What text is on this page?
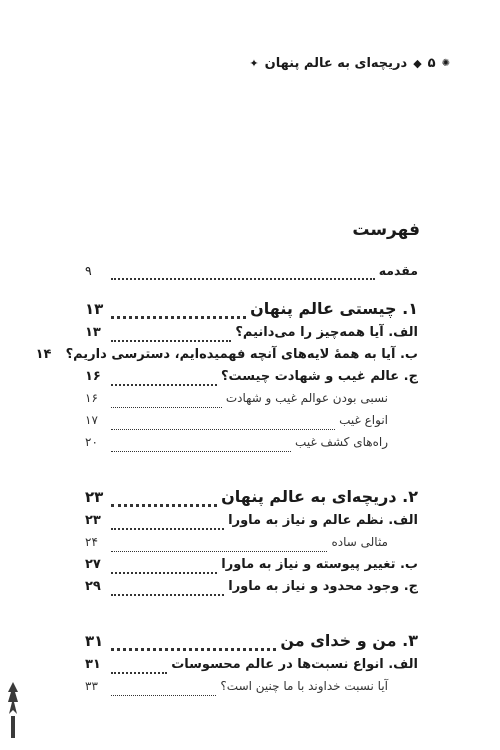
✦ دریچه‌ای به عالم پنهان ◆ ۵ ✺
فهرست
مقدمه
۹
۱. چیستی عالم پنهان
۱۳
الف. آیا همه‌چیز را می‌دانیم؟
۱۳
ب. آیا به همهٔ لایه‌های آنچه فهمیده‌ایم، دسترسی داریم؟
۱۴
ج. عالم غیب و شهادت چیست؟
۱۶
نسبی بودن عوالم غیب و شهادت
۱۶
انواع غیب
۱۷
راه‌های کشف غیب
۲۰
۲. دریچه‌ای به عالم پنهان
۲۳
الف. نظم عالم و نیاز به ماورا
۲۳
مثالی ساده
۲۴
ب. تغییر پیوسته و نیاز به ماورا
۲۷
ج. وجود محدود و نیاز به ماورا
۲۹
۳. من و خدای من
۳۱
الف. انواع نسبت‌ها در عالم محسوسات
۳۱
آیا نسبت خداوند با ما چنین است؟
۳۳
